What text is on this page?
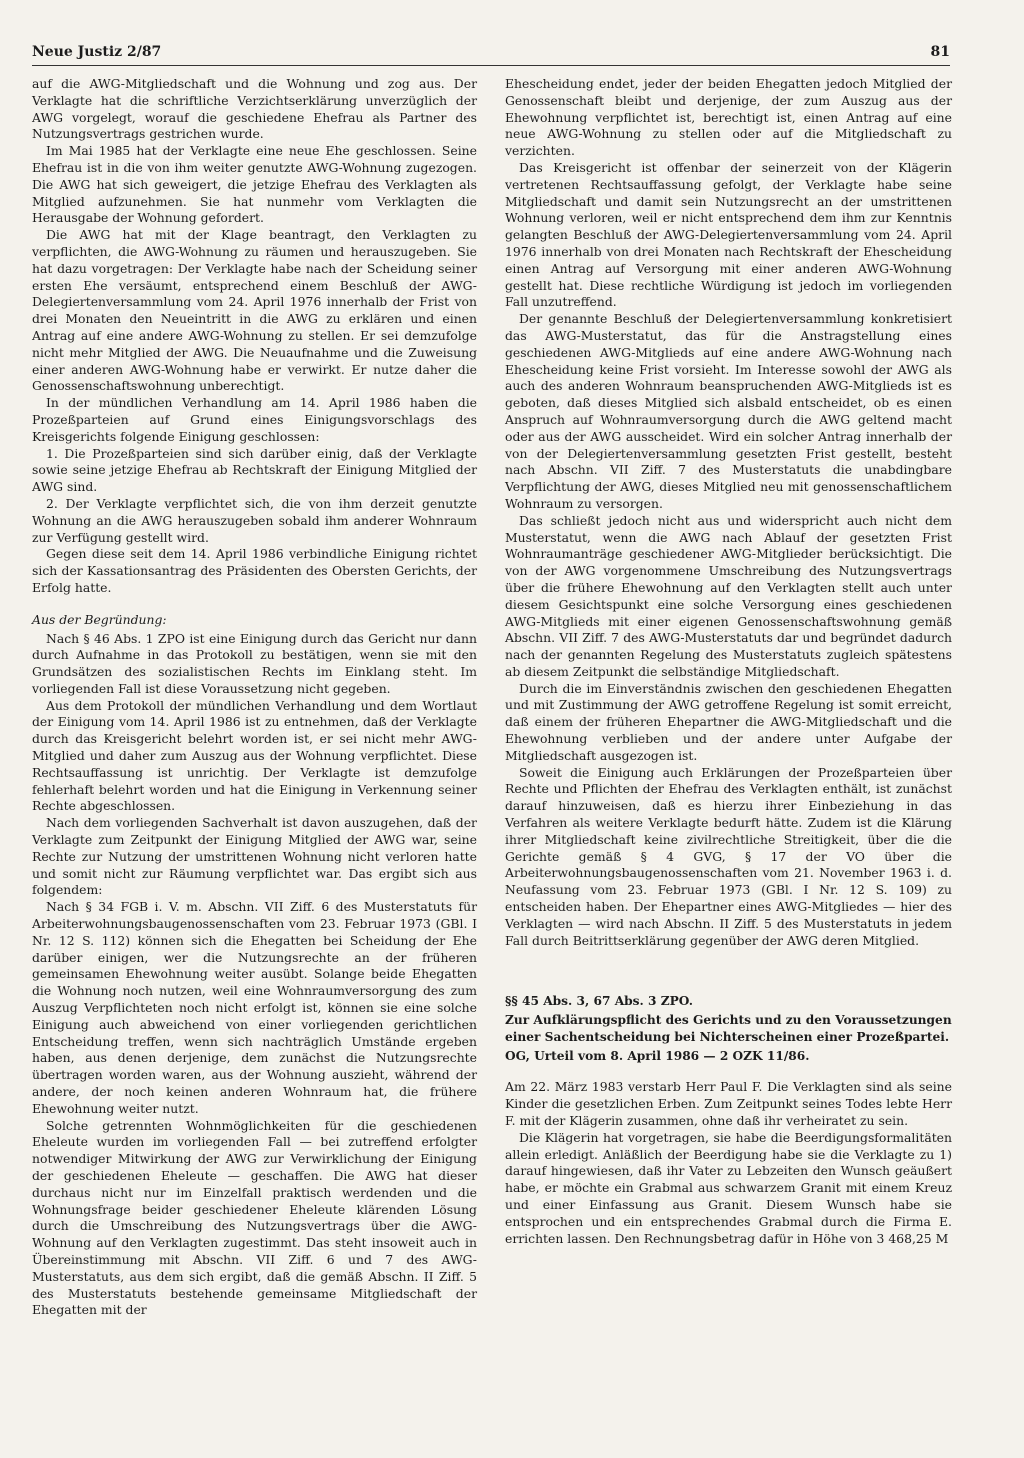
Neue Justiz 2/87	81

auf die AWG-Mitgliedschaft und die Wohnung und zog aus. Der Verklagte hat die schriftliche Verzichtserklärung unverzüglich der AWG vorgelegt, worauf die geschiedene Ehefrau als Partner des Nutzungsvertrags gestrichen wurde.

Im Mai 1985 hat der Verklagte eine neue Ehe geschlossen. Seine Ehefrau ist in die von ihm weiter genutzte AWG-Wohnung zugezogen. Die AWG hat sich geweigert, die jetzige Ehefrau des Verklagten als Mitglied aufzunehmen. Sie hat nunmehr vom Verklagten die Herausgabe der Wohnung gefordert.

Die AWG hat mit der Klage beantragt, den Verklagten zu verpflichten, die AWG-Wohnung zu räumen und herauszugeben. Sie hat dazu vorgetragen: Der Verklagte habe nach der Scheidung seiner ersten Ehe versäumt, entsprechend einem Beschluß der AWG-Delegiertenversammlung vom 24. April 1976 innerhalb der Frist von drei Monaten den Neueintritt in die AWG zu erklären und einen Antrag auf eine andere AWG-Wohnung zu stellen. Er sei demzufolge nicht mehr Mitglied der AWG. Die Neuaufnahme und die Zuweisung einer anderen AWG-Wohnung habe er verwirkt. Er nutze daher die Genossenschaftswohnung unberechtigt.

In der mündlichen Verhandlung am 14. April 1986 haben die Prozeßparteien auf Grund eines Einigungsvorschlags des Kreisgerichts folgende Einigung geschlossen:

1. Die Prozeßparteien sind sich darüber einig, daß der Verklagte sowie seine jetzige Ehefrau ab Rechtskraft der Einigung Mitglied der AWG sind.

2. Der Verklagte verpflichtet sich, die von ihm derzeit genutzte Wohnung an die AWG herauszugeben sobald ihm anderer Wohnraum zur Verfügung gestellt wird.

Gegen diese seit dem 14. April 1986 verbindliche Einigung richtet sich der Kassationsantrag des Präsidenten des Obersten Gerichts, der Erfolg hatte.

Aus der Begründung:

Nach § 46 Abs. 1 ZPO ist eine Einigung durch das Gericht nur dann durch Aufnahme in das Protokoll zu bestätigen, wenn sie mit den Grundsätzen des sozialistischen Rechts im Einklang steht. Im vorliegenden Fall ist diese Voraussetzung nicht gegeben.

Aus dem Protokoll der mündlichen Verhandlung und dem Wortlaut der Einigung vom 14. April 1986 ist zu entnehmen, daß der Verklagte durch das Kreisgericht belehrt worden ist, er sei nicht mehr AWG-Mitglied und daher zum Auszug aus der Wohnung verpflichtet. Diese Rechtsauffassung ist unrichtig. Der Verklagte ist demzufolge fehlerhaft belehrt worden und hat die Einigung in Verkennung seiner Rechte abgeschlossen.

Nach dem vorliegenden Sachverhalt ist davon auszugehen, daß der Verklagte zum Zeitpunkt der Einigung Mitglied der AWG war, seine Rechte zur Nutzung der umstrittenen Wohnung nicht verloren hatte und somit nicht zur Räumung verpflichtet war. Das ergibt sich aus folgendem:

Nach § 34 FGB i. V. m. Abschn. VII Ziff. 6 des Musterstatuts für Arbeiterwohnungsbaugenossenschaften vom 23. Februar 1973 (GBl. I Nr. 12 S. 112) können sich die Ehegatten bei Scheidung der Ehe darüber einigen, wer die Nutzungsrechte an der früheren gemeinsamen Ehewohnung weiter ausübt. Solange beide Ehegatten die Wohnung noch nutzen, weil eine Wohnraumversorgung des zum Auszug Verpflichteten noch nicht erfolgt ist, können sie eine solche Einigung auch abweichend von einer vorliegenden gerichtlichen Entscheidung treffen, wenn sich nachträglich Umstände ergeben haben, aus denen derjenige, dem zunächst die Nutzungsrechte übertragen worden waren, aus der Wohnung auszieht, während der andere, der noch keinen anderen Wohnraum hat, die frühere Ehewohnung weiter nutzt.

Solche getrennten Wohnmöglichkeiten für die geschiedenen Eheleute wurden im vorliegenden Fall — bei zutreffend erfolgter notwendiger Mitwirkung der AWG zur Verwirklichung der Einigung der geschiedenen Eheleute — geschaffen. Die AWG hat dieser durchaus nicht nur im Einzelfall praktisch werdenden und die Wohnungsfrage beider geschiedener Eheleute klärenden Lösung durch die Umschreibung des Nutzungsvertrags über die AWG-Wohnung auf den Verklagten zugestimmt. Das steht insoweit auch in Übereinstimmung mit Abschn. VII Ziff. 6 und 7 des AWG-Musterstatuts, aus dem sich ergibt, daß die gemäß Abschn. II Ziff. 5 des Musterstatuts bestehende gemeinsame Mitgliedschaft der Ehegatten mit der

Ehescheidung endet, jeder der beiden Ehegatten jedoch Mitglied der Genossenschaft bleibt und derjenige, der zum Auszug aus der Ehewohnung verpflichtet ist, berechtigt ist, einen Antrag auf eine neue AWG-Wohnung zu stellen oder auf die Mitgliedschaft zu verzichten.

Das Kreisgericht ist offenbar der seinerzeit von der Klägerin vertretenen Rechtsauffassung gefolgt, der Verklagte habe seine Mitgliedschaft und damit sein Nutzungsrecht an der umstrittenen Wohnung verloren, weil er nicht entsprechend dem ihm zur Kenntnis gelangten Beschluß der AWG-Delegiertenversammlung vom 24. April 1976 innerhalb von drei Monaten nach Rechtskraft der Ehescheidung einen Antrag auf Versorgung mit einer anderen AWG-Wohnung gestellt hat. Diese rechtliche Würdigung ist jedoch im vorliegenden Fall unzutreffend.

Der genannte Beschluß der Delegiertenversammlung konkretisiert das AWG-Musterstatut, das für die Anstragstellung eines geschiedenen AWG-Mitglieds auf eine andere AWG-Wohnung nach Ehescheidung keine Frist vorsieht. Im Interesse sowohl der AWG als auch des anderen Wohnraum beanspruchenden AWG-Mitglieds ist es geboten, daß dieses Mitglied sich alsbald entscheidet, ob es einen Anspruch auf Wohnraumversorgung durch die AWG geltend macht oder aus der AWG ausscheidet. Wird ein solcher Antrag innerhalb der von der Delegiertenversammlung gesetzten Frist gestellt, besteht nach Abschn. VII Ziff. 7 des Musterstatuts die unabdingbare Verpflichtung der AWG, dieses Mitglied neu mit genossenschaftlichem Wohnraum zu versorgen.

Das schließt jedoch nicht aus und widerspricht auch nicht dem Musterstatut, wenn die AWG nach Ablauf der gesetzten Frist Wohnraumanträge geschiedener AWG-Mitglieder berücksichtigt. Die von der AWG vorgenommene Umschreibung des Nutzungsvertrags über die frühere Ehewohnung auf den Verklagten stellt auch unter diesem Gesichtspunkt eine solche Versorgung eines geschiedenen AWG-Mitglieds mit einer eigenen Genossenschaftswohnung gemäß Abschn. VII Ziff. 7 des AWG-Musterstatuts dar und begründet dadurch nach der genannten Regelung des Musterstatuts zugleich spätestens ab diesem Zeitpunkt die selbständige Mitgliedschaft.

Durch die im Einverständnis zwischen den geschiedenen Ehegatten und mit Zustimmung der AWG getroffene Regelung ist somit erreicht, daß einem der früheren Ehepartner die AWG-Mitgliedschaft und die Ehewohnung verblieben und der andere unter Aufgabe der Mitgliedschaft ausgezogen ist.

Soweit die Einigung auch Erklärungen der Prozeßparteien über Rechte und Pflichten der Ehefrau des Verklagten enthält, ist zunächst darauf hinzuweisen, daß es hierzu ihrer Einbeziehung in das Verfahren als weitere Verklagte bedurft hätte. Zudem ist die Klärung ihrer Mitgliedschaft keine zivilrechtliche Streitigkeit, über die die Gerichte gemäß § 4 GVG, § 17 der VO über die Arbeiterwohnungsbaugenossenschaften vom 21. November 1963 i. d. Neufassung vom 23. Februar 1973 (GBl. I Nr. 12 S. 109) zu entscheiden haben. Der Ehepartner eines AWG-Mitgliedes — hier des Verklagten — wird nach Abschn. II Ziff. 5 des Musterstatuts in jedem Fall durch Beitrittserklärung gegenüber der AWG deren Mitglied.

§§ 45 Abs. 3, 67 Abs. 3 ZPO.
Zur Aufklärungspflicht des Gerichts und zu den Voraussetzungen einer Sachentscheidung bei Nichterscheinen einer Prozeßpartei.
OG, Urteil vom 8. April 1986 — 2 OZK 11/86.

Am 22. März 1983 verstarb Herr Paul F. Die Verklagten sind als seine Kinder die gesetzlichen Erben. Zum Zeitpunkt seines Todes lebte Herr F. mit der Klägerin zusammen, ohne daß ihr verheiratet zu sein.

Die Klägerin hat vorgetragen, sie habe die Beerdigungsformalitäten allein erledigt. Anläßlich der Beerdigung habe sie die Verklagte zu 1) darauf hingewiesen, daß ihr Vater zu Lebzeiten den Wunsch geäußert habe, er möchte ein Grabmal aus schwarzem Granit mit einem Kreuz und einer Einfassung aus Granit. Diesem Wunsch habe sie entsprochen und ein entsprechendes Grabmal durch die Firma E. errichten lassen. Den Rechnungsbetrag dafür in Höhe von 3 468,25 M
